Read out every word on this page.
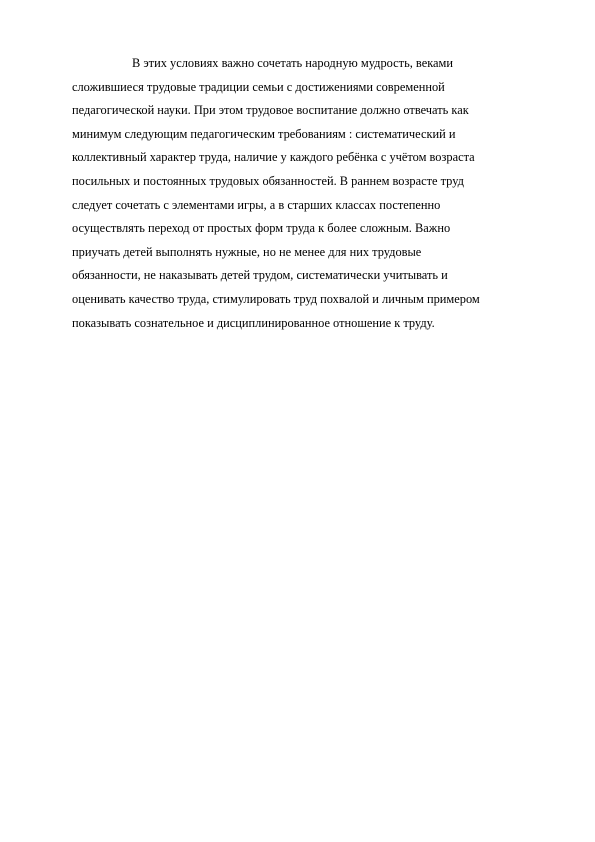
В этих условиях важно сочетать народную мудрость, веками
сложившиеся трудовые традиции семьи с достижениями современной
педагогической науки. При этом трудовое воспитание должно отвечать как
минимум следующим педагогическим требованиям : систематический и
коллективный характер труда, наличие у каждого ребёнка с учётом возраста
посильных и постоянных трудовых обязанностей. В раннем возрасте труд
следует сочетать с элементами игры, а в старших классах постепенно
осуществлять переход от простых форм труда к более сложным. Важно
приучать детей выполнять нужные, но не менее для них трудовые
обязанности, не наказывать детей трудом, систематически учитывать и
оценивать качество труда, стимулировать труд похвалой и личным примером
показывать сознательное и дисциплинированное отношение к труду.
